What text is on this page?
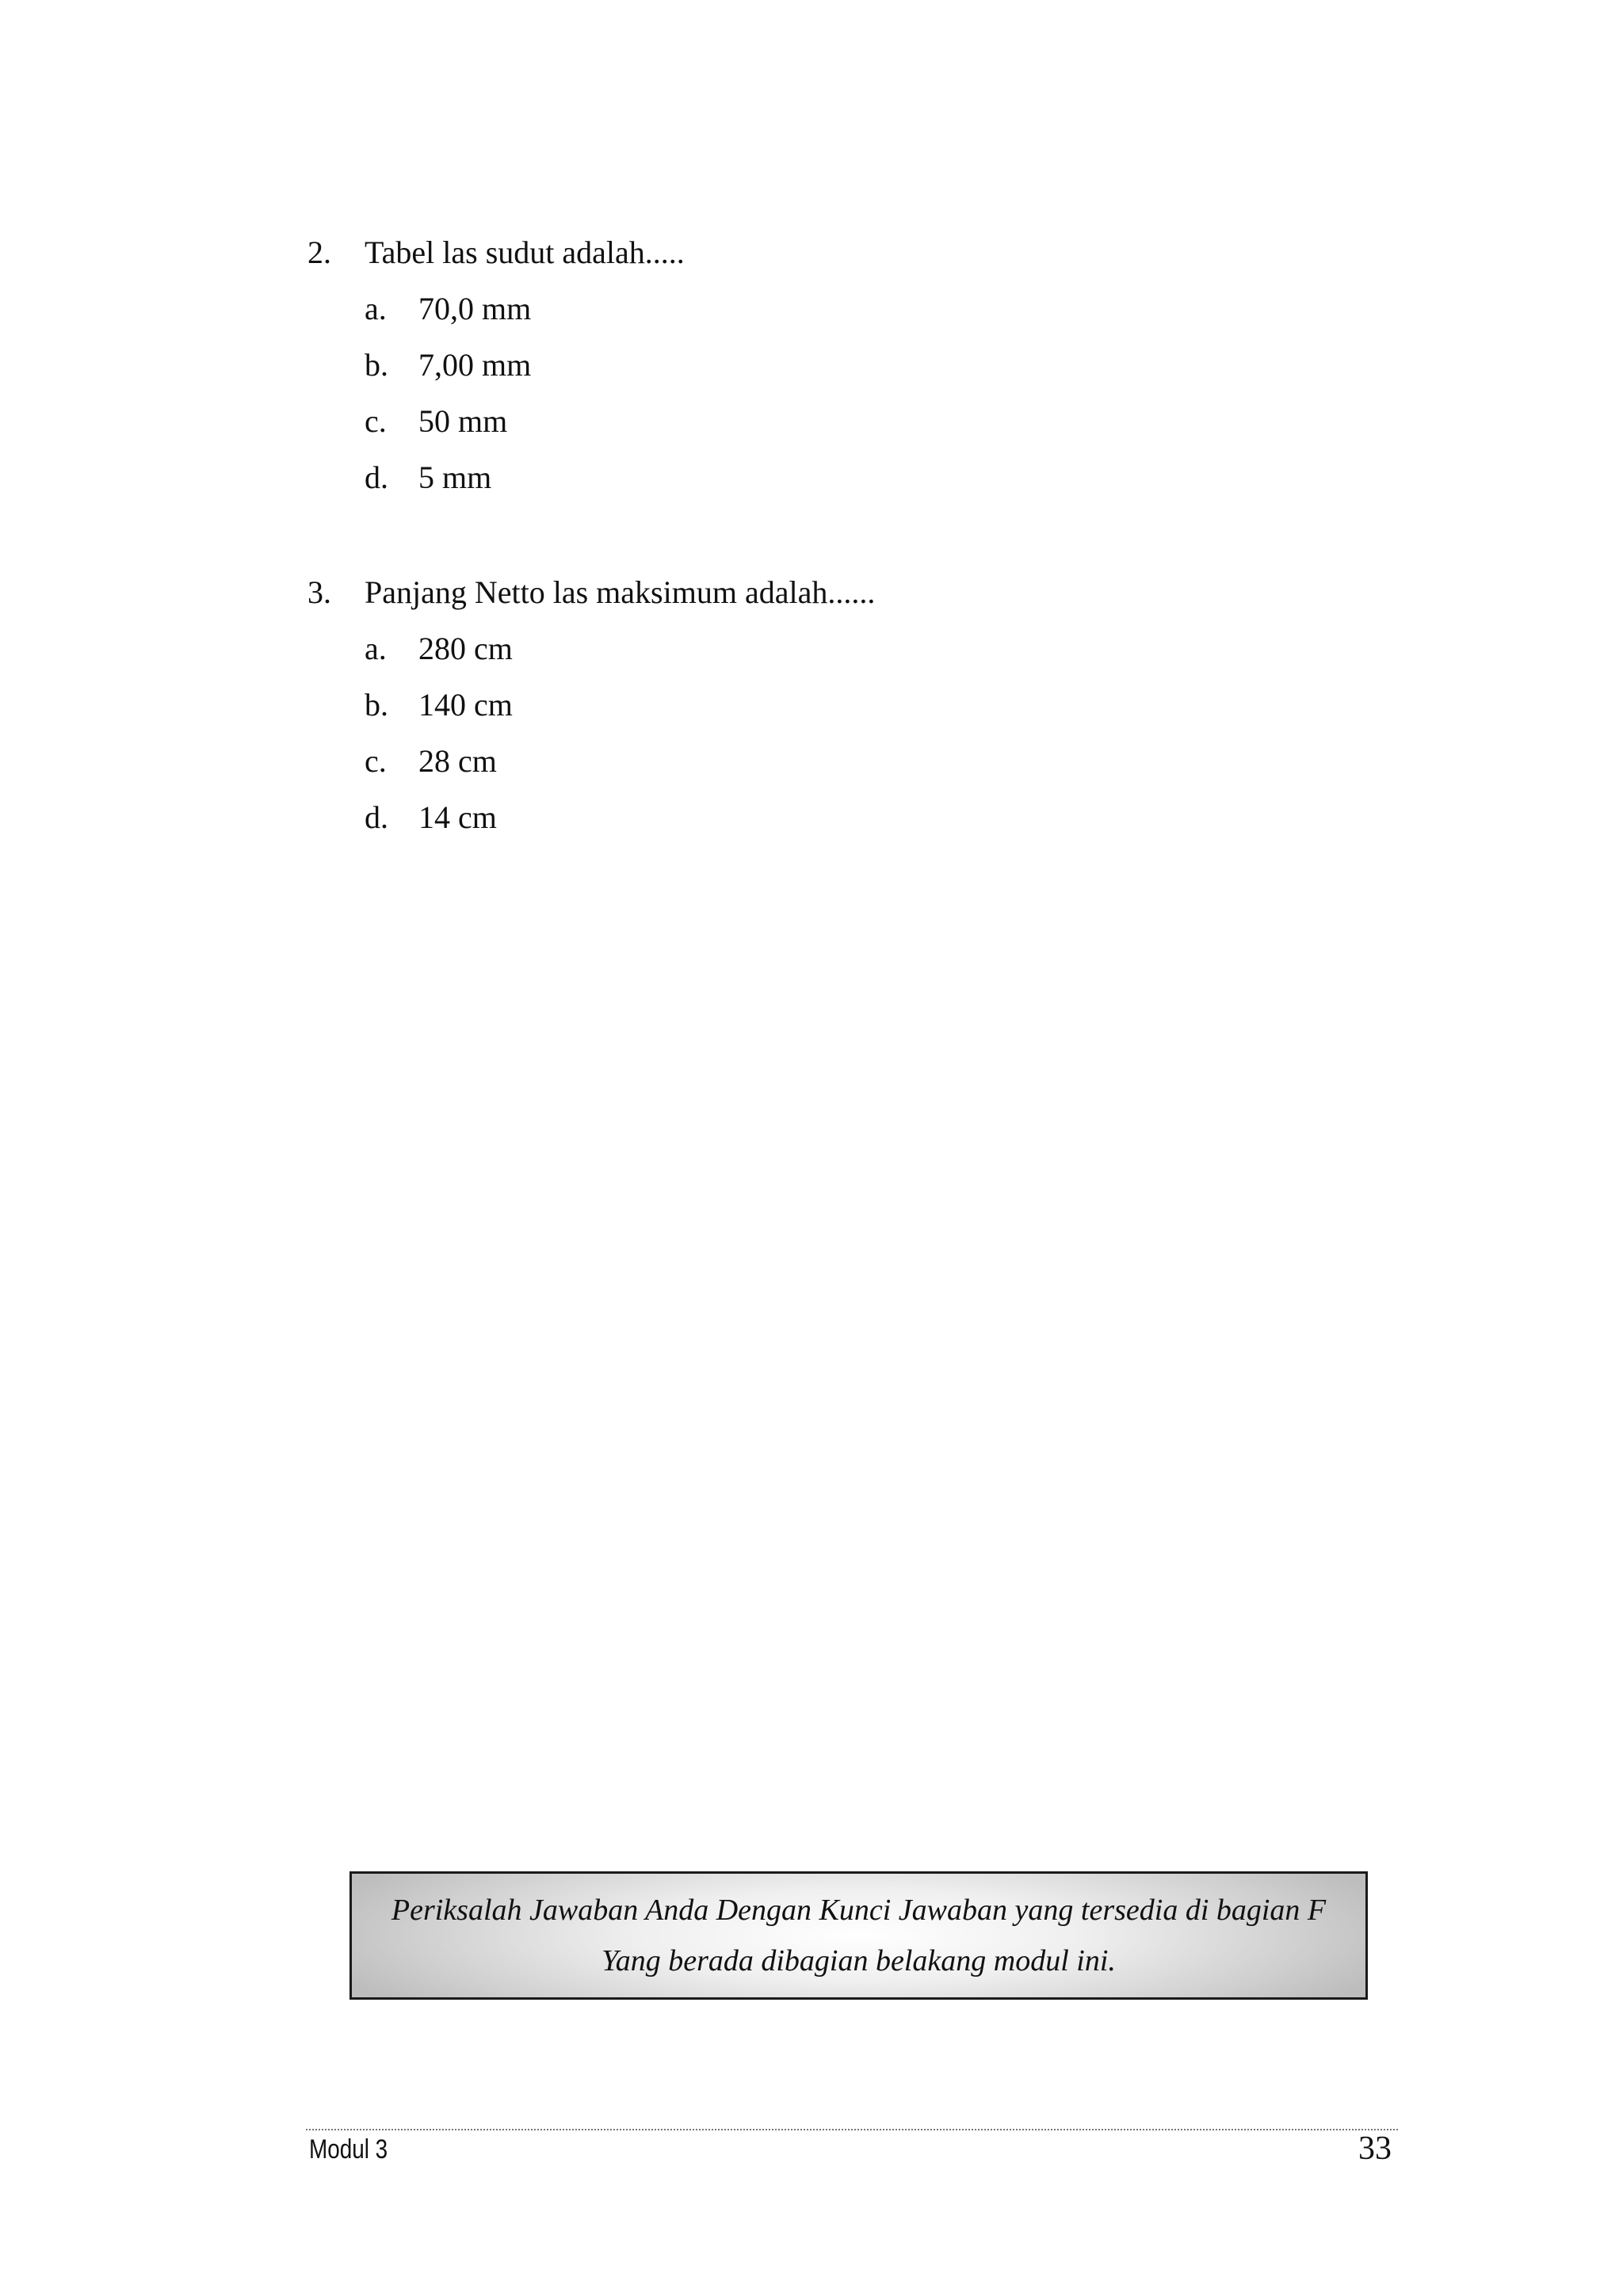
2.	Tabel las sudut adalah.....
a.	70,0 mm
b. 7,00 mm
c.	50 mm
d. 5 mm
3.	Panjang Netto las maksimum adalah......
a.	280 cm
b. 140 cm
c.	28 cm
d. 14 cm
Periksalah Jawaban Anda Dengan Kunci Jawaban yang tersedia di bagian F
Yang berada dibagian belakang modul ini.
Modul 3	33
